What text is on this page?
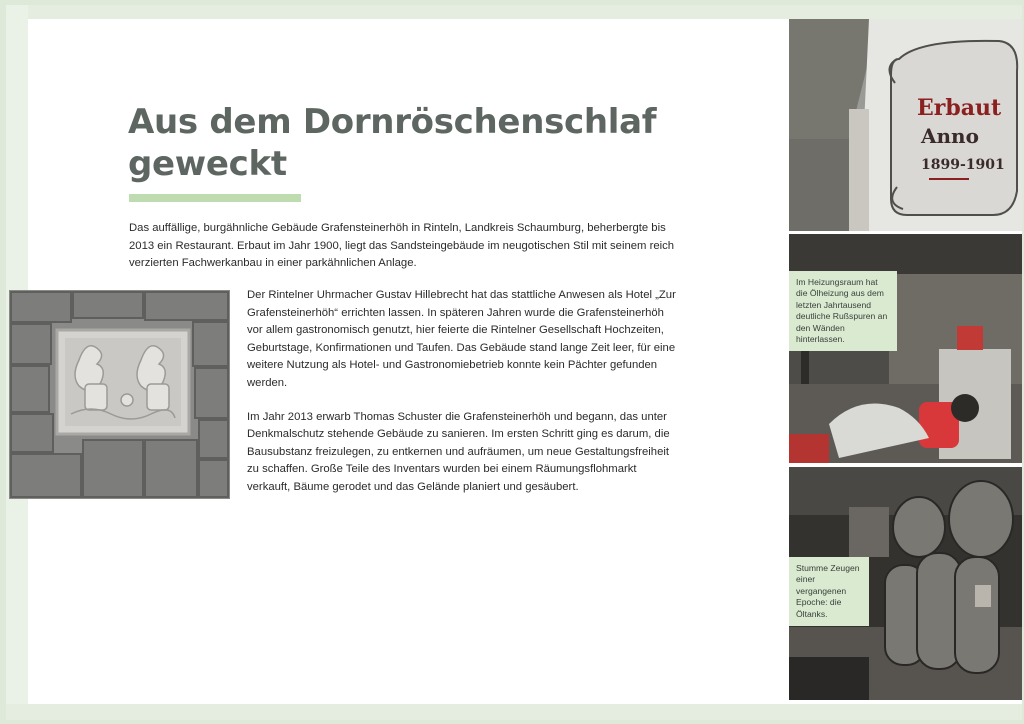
Aus dem Dornröschenschlaf
geweckt
Das auffällige, burgähnliche Gebäude Grafensteinerhöh in Rinteln, Landkreis Schaumburg, beherbergte bis 2013 ein Restaurant. Erbaut im Jahr 1900, liegt das Sandsteingebäude im neugotischen Stil mit seinem reich verzierten Fachwerkanbau in einer parkähnlichen Anlage.

Der Rintelner Uhrmacher Gustav Hillebrecht hat das stattliche Anwesen als Hotel „Zur Grafensteinerhöh“ errichten lassen. In späteren Jahren wurde die Grafensteinerhöh vor allem gastronomisch genutzt, hier feierte die Rintelner Gesellschaft Hochzeiten, Geburtstage, Konfirmationen und Taufen. Das Gebäude stand lange Zeit leer, für eine weitere Nutzung als Hotel- und Gastronomiebetrieb konnte kein Pächter gefunden werden.

Im Jahr 2013 erwarb Thomas Schuster die Grafensteinerhöh und begann, das unter Denkmalschutz stehende Gebäude zu sanieren. Im ersten Schritt ging es darum, die Bausubstanz freizulegen, zu entkernen und aufräumen, um neue Gestaltungsfreiheit zu schaffen. Große Teile des Inventars wurden bei einem Räumungsflohmarkt verkauft, Bäume gerodet und das Gelände planiert und gesäubert.

Erbaut
Anno
1899-1901
Im Heizungsraum hat die Ölheizung aus dem letzten Jahrtausend deutliche Rußspuren an den Wänden hinterlassen.
Stumme Zeugen einer vergangenen Epoche: die Öltanks.
